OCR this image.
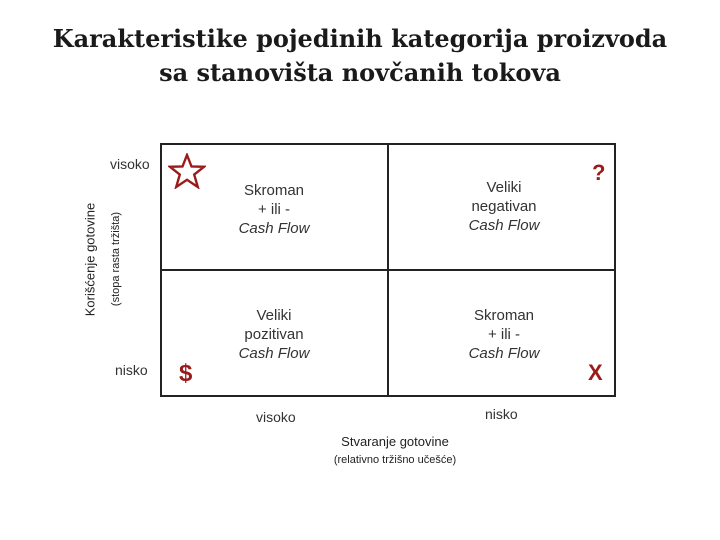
Karakteristike pojedinih kategorija proizvoda
sa stanovišta novčanih tokova
Korišćenje gotovine (stopa rasta tržišta)
visoko
nisko
Skroman
+ ili -
Cash Flow
Veliki
negativan
Cash Flow
Veliki
pozitivan
Cash Flow
Skroman
+ ili -
Cash Flow
?
$	X
visoko	nisko
Stvaranje gotovine
(relativno tržišno učešće)
